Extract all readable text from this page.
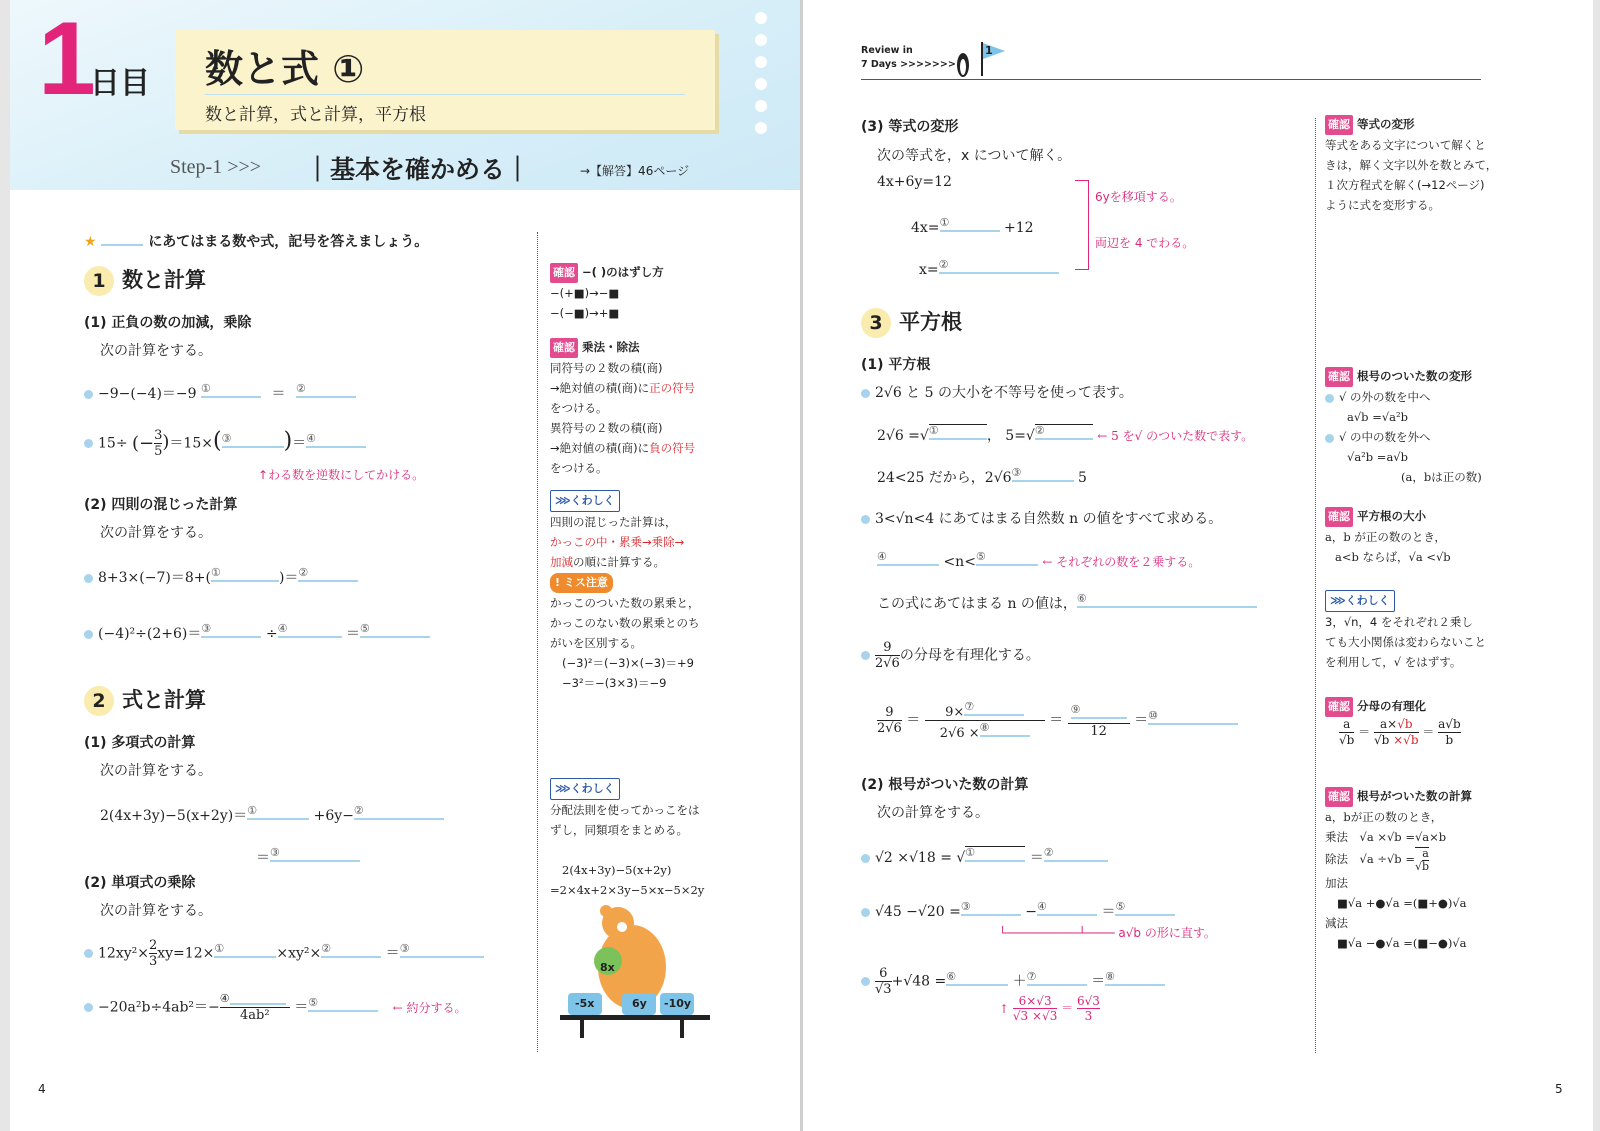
1
日目 数と式 ①
数と計算，式と計算，平方根
Step-1 >>> ｜基本を確かめる｜	→【解答】46ページ
★	にあてはまる数や式，記号を答えましょう。
1 数と計算
(1) 正負の数の加減，乗除
次の計算をする。
−9−(−4)＝−9 ①	＝ ②
15÷ (− $\frac{3}{5} )=15\times$( ③ )＝ ④
↑わる数を逆数にしてかける。
(2) 四則の混じった計算
次の計算をする。
8+3×(−7)＝8+( ①	)＝ ②
(−4)²÷(2+6)＝ ③	÷ ④	＝ ⑤
2 式と計算
(1) 多項式の計算
次の計算をする。
2(4x+3y)−5(x+2y)＝ ①	+6y− ②
＝ ③
(2) 単項式の乗除
次の計算をする。
$12xy^2\times \frac{2}{3} xy=12\times$ ①	×xy²× ②	＝ ③
−20a²b÷4ab²＝−
④
4ab²	＝ ⑤	← 約分する。
確認 −( )のはずし方
−(+■)→−■
−(−■)→+■
確認 乗法・除法
同符号の２数の積(商)
→絶対値の積(商)に正の符号
をつける。
異符号の２数の積(商)
→絶対値の積(商)に負の符号
をつける。
⋙くわしく
四則の混じった計算は，
かっこの中・累乗→乗除→
加減の順に計算する。
! ミス注意
かっこのついた数の累乗と，
かっこのない数の累乗とのち
がいを区別する。
(−3)²＝(−3)×(−3)＝+9
−3²＝−(3×3)＝−9
⋙くわしく
分配法則を使ってかっこをは
ずし，同類項をまとめる。
2(4x+3y)−5(x+2y)
=2×4x+2×3y−5×x−5×2y
8x
-5x	6y -10y
4
Review in
7 Days >>>>>>>
1
(3) 等式の変形
次の等式を，x について解く。
4x+6y=12
4x= ①	+12
x= ②
6yを移項する。
両辺を 4 でわる。
3 平方根
(1) 平方根
2√6 と 5 の大小を不等号を使って表す。
2√6 =√ ①	， 5=√ ②	← 5 を√ のついた数で表す。
24<25 だから，2√6 ③	5
3<√n<4 にあてはまる自然数 n の値をすべて求める。
④	<n< ⑤	← それぞれの数を２乗する。
この式にあてはまる n の値は， ⑥
$\frac{9}{2√6}$ の分母を有理化する。
$\frac{9}{2√6} = \frac{\text{9× ⑦}}{\text{2√6 × ⑧}}$ ＝
⑨
12
＝ ⑩
(2) 根号がついた数の計算
次の計算をする。
√2 ×√18 = √ ①	＝ ②
√45 −√20 = ③	− ④	＝ ⑤
└──────────┴──── a√b の形に直す。
$\frac{6}{√3} +√48$ = ⑥	＋ ⑦	＝ ⑧
↑ $\frac{6\times√3}{√3 \times√3} = \frac{6√3}{3}$
確認 等式の変形
等式をある文字について解くと
きは，解く文字以外を数とみて，
１次方程式を解く(→12ページ)
ように式を変形する。
確認 根号のついた数の変形
√ の外の数を中へ
a√b =√a²b
√ の中の数を外へ
√a²b =a√b
(a，bは正の数)
確認 平方根の大小
a，b が正の数のとき，
a<b ならば，√a <√b
⋙くわしく
3，√n，4 をそれぞれ２乗し
ても大小関係は変わらないこと
を利用して，√ をはずす。
確認 分母の有理化
$\frac{a}{√b} = \frac{a\times√b}{√b \times√b} = \frac{a√b}{b}$
確認 根号がついた数の計算
a，bが正の数のとき，
乗法　 √a ×√b =√a×b
除法　 √a ÷√b =√ $\frac{a}{b}$
加法
■√a +●√a =(■+●)√a
減法
■√a −●√a =(■−●)√a
5
